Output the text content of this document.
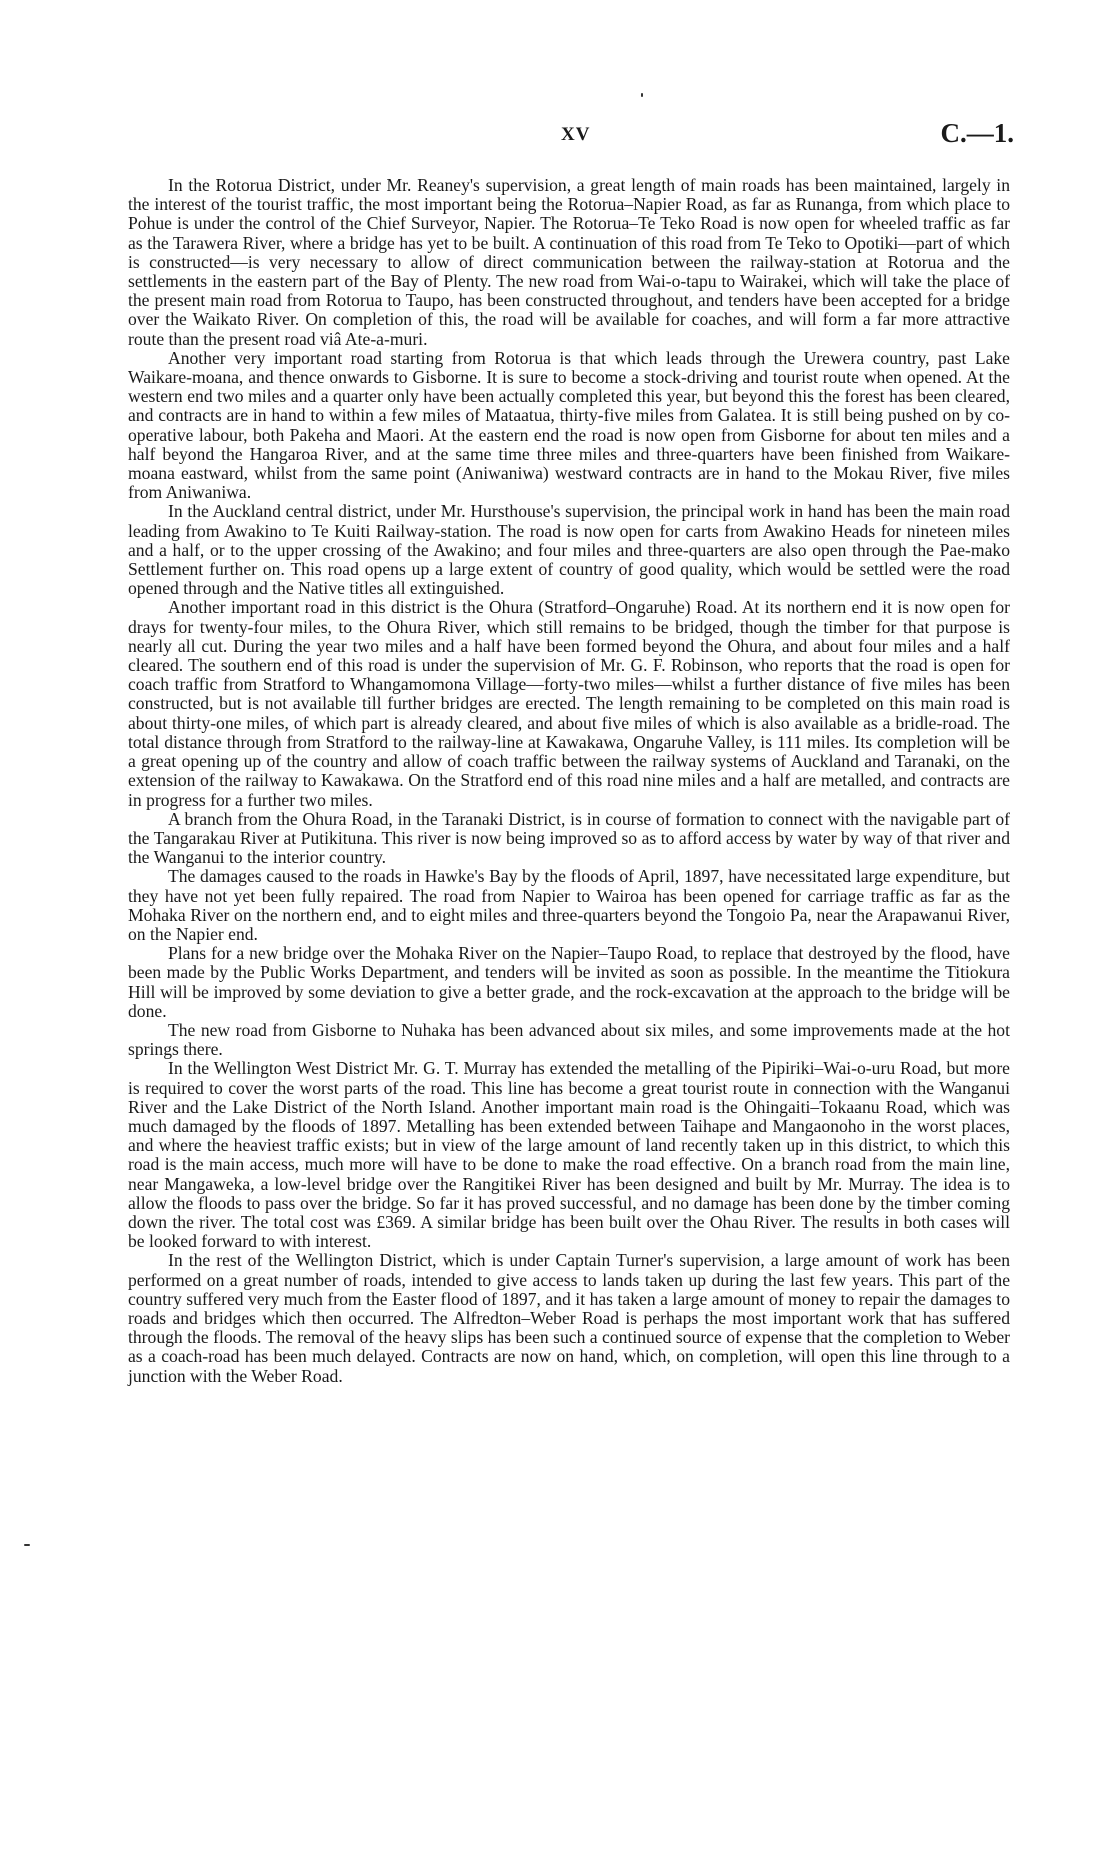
XV	C.—1.

In the Rotorua District, under Mr. Reaney's supervision, a great length of main roads has been maintained, largely in the interest of the tourist traffic, the most important being the Rotorua–Napier Road, as far as Runanga, from which place to Pohue is under the control of the Chief Surveyor, Napier. The Rotorua–Te Teko Road is now open for wheeled traffic as far as the Tarawera River, where a bridge has yet to be built. A continuation of this road from Te Teko to Opotiki—part of which is constructed—is very necessary to allow of direct communication between the railway-station at Rotorua and the settlements in the eastern part of the Bay of Plenty. The new road from Wai-o-tapu to Wairakei, which will take the place of the present main road from Rotorua to Taupo, has been constructed throughout, and tenders have been accepted for a bridge over the Waikato River. On completion of this, the road will be available for coaches, and will form a far more attractive route than the present road viâ Ate-a-muri.

Another very important road starting from Rotorua is that which leads through the Urewera country, past Lake Waikare-moana, and thence onwards to Gisborne. It is sure to become a stock-driving and tourist route when opened. At the western end two miles and a quarter only have been actually completed this year, but beyond this the forest has been cleared, and contracts are in hand to within a few miles of Mataatua, thirty-five miles from Galatea. It is still being pushed on by co-operative labour, both Pakeha and Maori. At the eastern end the road is now open from Gisborne for about ten miles and a half beyond the Hangaroa River, and at the same time three miles and three-quarters have been finished from Waikare-moana eastward, whilst from the same point (Aniwaniwa) westward contracts are in hand to the Mokau River, five miles from Aniwaniwa.

In the Auckland central district, under Mr. Hursthouse's supervision, the principal work in hand has been the main road leading from Awakino to Te Kuiti Railway-station. The road is now open for carts from Awakino Heads for nineteen miles and a half, or to the upper crossing of the Awakino; and four miles and three-quarters are also open through the Pae-mako Settlement further on. This road opens up a large extent of country of good quality, which would be settled were the road opened through and the Native titles all extinguished.

Another important road in this district is the Ohura (Stratford–Ongaruhe) Road. At its northern end it is now open for drays for twenty-four miles, to the Ohura River, which still remains to be bridged, though the timber for that purpose is nearly all cut. During the year two miles and a half have been formed beyond the Ohura, and about four miles and a half cleared. The southern end of this road is under the supervision of Mr. G. F. Robinson, who reports that the road is open for coach traffic from Stratford to Whangamomona Village—forty-two miles—whilst a further distance of five miles has been constructed, but is not available till further bridges are erected. The length remaining to be completed on this main road is about thirty-one miles, of which part is already cleared, and about five miles of which is also available as a bridle-road. The total distance through from Stratford to the railway-line at Kawakawa, Ongaruhe Valley, is 111 miles. Its completion will be a great opening up of the country and allow of coach traffic between the railway systems of Auckland and Taranaki, on the extension of the railway to Kawakawa. On the Stratford end of this road nine miles and a half are metalled, and contracts are in progress for a further two miles.

A branch from the Ohura Road, in the Taranaki District, is in course of formation to connect with the navigable part of the Tangarakau River at Putikituna. This river is now being improved so as to afford access by water by way of that river and the Wanganui to the interior country.

The damages caused to the roads in Hawke's Bay by the floods of April, 1897, have necessitated large expenditure, but they have not yet been fully repaired. The road from Napier to Wairoa has been opened for carriage traffic as far as the Mohaka River on the northern end, and to eight miles and three-quarters beyond the Tongoio Pa, near the Arapawanui River, on the Napier end.

Plans for a new bridge over the Mohaka River on the Napier–Taupo Road, to replace that destroyed by the flood, have been made by the Public Works Department, and tenders will be invited as soon as possible. In the meantime the Titiokura Hill will be improved by some deviation to give a better grade, and the rock-excavation at the approach to the bridge will be done.

The new road from Gisborne to Nuhaka has been advanced about six miles, and some improvements made at the hot springs there.

In the Wellington West District Mr. G. T. Murray has extended the metalling of the Pipiriki–Wai-o-uru Road, but more is required to cover the worst parts of the road. This line has become a great tourist route in connection with the Wanganui River and the Lake District of the North Island. Another important main road is the Ohingaiti–Tokaanu Road, which was much damaged by the floods of 1897. Metalling has been extended between Taihape and Mangaonoho in the worst places, and where the heaviest traffic exists; but in view of the large amount of land recently taken up in this district, to which this road is the main access, much more will have to be done to make the road effective. On a branch road from the main line, near Mangaweka, a low-level bridge over the Rangitikei River has been designed and built by Mr. Murray. The idea is to allow the floods to pass over the bridge. So far it has proved successful, and no damage has been done by the timber coming down the river. The total cost was £369. A similar bridge has been built over the Ohau River. The results in both cases will be looked forward to with interest.

In the rest of the Wellington District, which is under Captain Turner's supervision, a large amount of work has been performed on a great number of roads, intended to give access to lands taken up during the last few years. This part of the country suffered very much from the Easter flood of 1897, and it has taken a large amount of money to repair the damages to roads and bridges which then occurred. The Alfredton–Weber Road is perhaps the most important work that has suffered through the floods. The removal of the heavy slips has been such a continued source of expense that the completion to Weber as a coach-road has been much delayed. Contracts are now on hand, which, on completion, will open this line through to a junction with the Weber Road.
